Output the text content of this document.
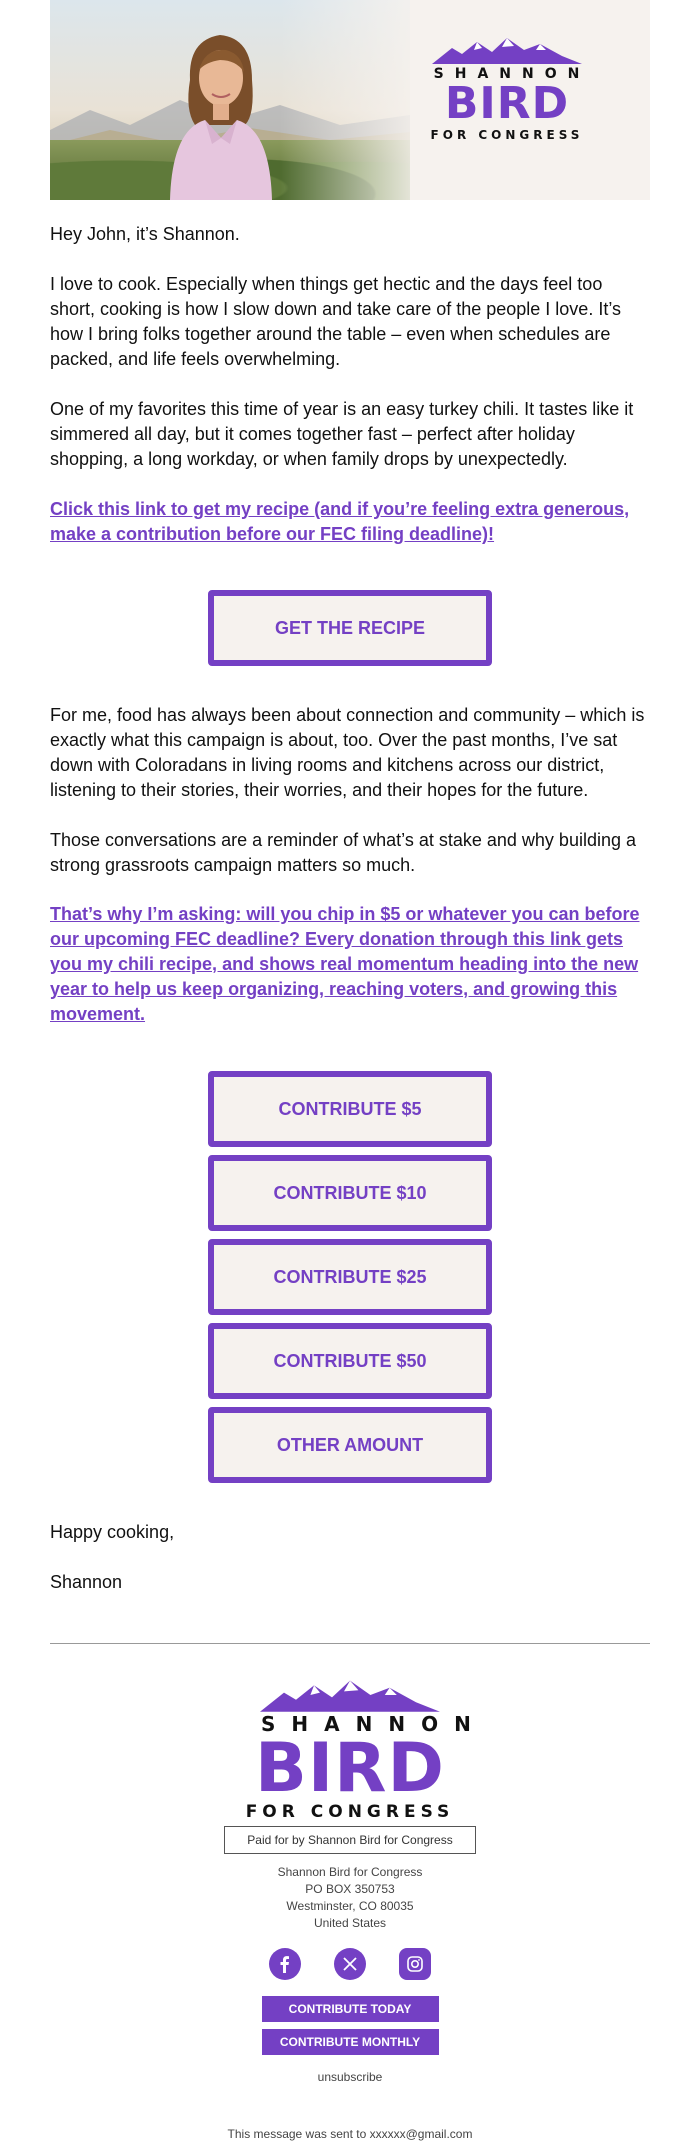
SHANNON
BIRD
FOR CONGRESS

Hey John, it’s Shannon.

I love to cook. Especially when things get hectic and the days feel too short, cooking is how I slow down and take care of the people I love. It’s how I bring folks together around the table – even when schedules are packed, and life feels overwhelming.

One of my favorites this time of year is an easy turkey chili. It tastes like it simmered all day, but it comes together fast – perfect after holiday shopping, a long workday, or when family drops by unexpectedly.

Click this link to get my recipe (and if you’re feeling extra generous, make a contribution before our FEC filing deadline)!
GET THE RECIPE

For me, food has always been about connection and community – which is exactly what this campaign is about, too. Over the past months, I’ve sat down with Coloradans in living rooms and kitchens across our district, listening to their stories, their worries, and their hopes for the future.

Those conversations are a reminder of what’s at stake and why building a strong grassroots campaign matters so much.

That’s why I’m asking: will you chip in $5 or whatever you can before our upcoming FEC deadline? Every donation through this link gets you my chili recipe, and shows real momentum heading into the new year to help us keep organizing, reaching voters, and growing this movement.
CONTRIBUTE $5
CONTRIBUTE $10
CONTRIBUTE $25
CONTRIBUTE $50
OTHER AMOUNT

Happy cooking,

Shannon

SHANNON
BIRD
FOR CONGRESS
Paid for by Shannon Bird for Congress
Shannon Bird for Congress
PO BOX 350753
Westminster, CO 80035
United States
CONTRIBUTE TODAY
CONTRIBUTE MONTHLY
unsubscribe
This message was sent to xxxxxx@gmail.com
